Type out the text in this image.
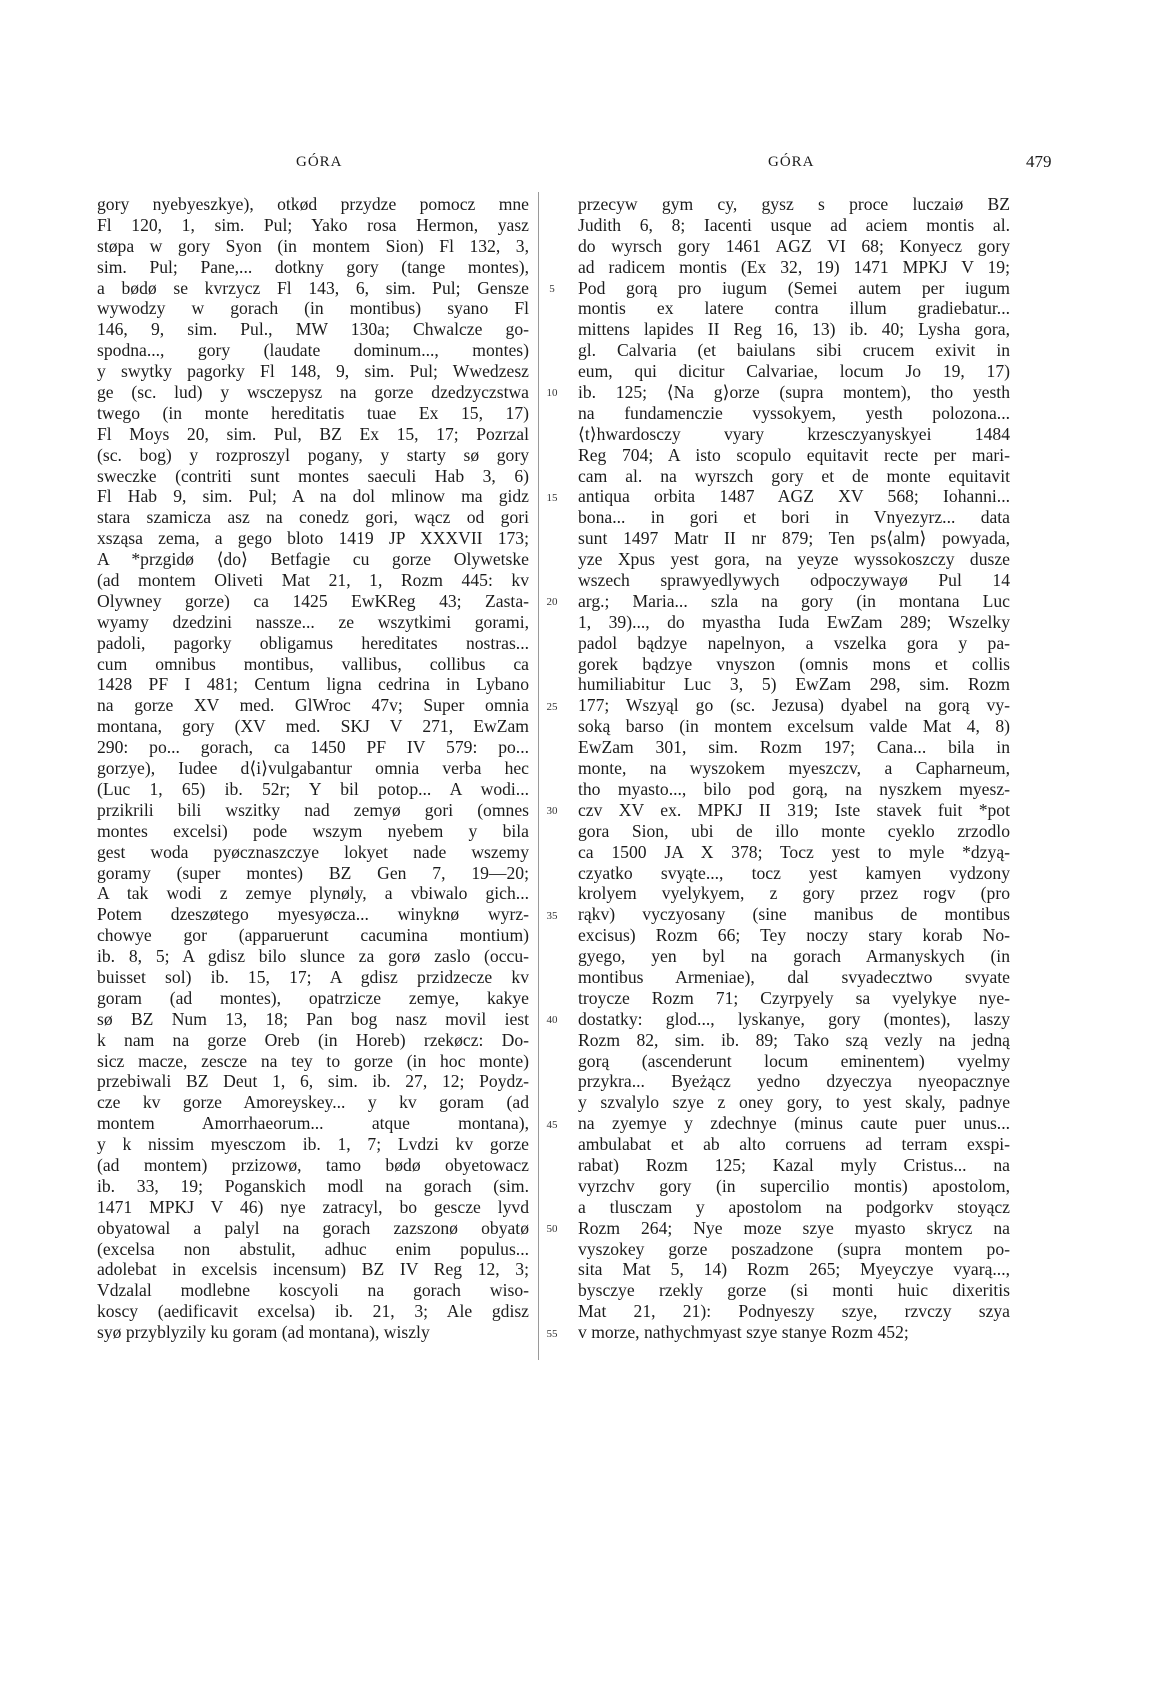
GÓRA	GÓRA	479
gory nyebyeszkye), otkød przydze pomocz mne
Fl 120, 1, sim. Pul; Yako rosa Hermon, yasz
støpa w gory Syon (in montem Sion) Fl 132, 3,
sim. Pul; Pane,... dotkny gory (tange montes),
a bødø se kvrzycz Fl 143, 6, sim. Pul; Gensze
wywodzy w gorach (in montibus) syano Fl
146, 9, sim. Pul., MW 130a; Chwalcze go-
spodna..., gory (laudate dominum..., montes)
y swytky pagorky Fl 148, 9, sim. Pul; Wwedzesz
ge (sc. lud) y wsczepysz na gorze dzedzyczstwa
twego (in monte hereditatis tuae Ex 15, 17)
Fl Moys 20, sim. Pul, BZ Ex 15, 17; Pozrzal
(sc. bog) y rozproszyl pogany, y starty sø gory
sweczke (contriti sunt montes saeculi Hab 3, 6)
Fl Hab 9, sim. Pul; A na dol mlinow ma gidz
stara szamicza asz na conedz gori, wącz od gori
xsząsa zema, a gego bloto 1419 JP XXXVII 173;
A *przgidø ⟨do⟩ Betfagie cu gorze Olywetske
(ad montem Oliveti Mat 21, 1, Rozm 445: kv
Olywney gorze) ca 1425 EwKReg 43; Zasta-
wyamy dzedzini nassze... ze wszytkimi gorami,
padoli, pagorky obligamus hereditates nostras...
cum omnibus montibus, vallibus, collibus ca
1428 PF I 481; Centum ligna cedrina in Lybano
na gorze XV med. GlWroc 47v; Super omnia
montana, gory (XV med. SKJ V 271, EwZam
290: po... gorach, ca 1450 PF IV 579: po...
gorzye), Iudee d⟨i⟩vulgabantur omnia verba hec
(Luc 1, 65) ib. 52r; Y bil potop... A wodi...
przikrili bili wszitky nad zemyø gori (omnes
montes excelsi) pode wszym nyebem y bila
gest woda pyøcznaszczye lokyet nade wszemy
goramy (super montes) BZ Gen 7, 19—20;
A tak wodi z zemye plynøly, a vbiwalo gich...
Potem dzeszøtego myesyøcza... winyknø wyrz-
chowye gor (apparuerunt cacumina montium)
ib. 8, 5; A gdisz bilo slunce za gorø zaslo (occu-
buisset sol) ib. 15, 17; A gdisz przidzecze kv
goram (ad montes), opatrzicze zemye, kakye
sø BZ Num 13, 18; Pan bog nasz movil iest
k nam na gorze Oreb (in Horeb) rzekøcz: Do-
sicz macze, zescze na tey to gorze (in hoc monte)
przebiwali BZ Deut 1, 6, sim. ib. 27, 12; Poydz-
cze kv gorze Amoreyskey... y kv goram (ad
montem Amorrhaeorum... atque montana),
y k nissim myesczom ib. 1, 7; Lvdzi kv gorze
(ad montem) przizowø, tamo bødø obyetowacz
ib. 33, 19; Poganskich modl na gorach (sim.
1471 MPKJ V 46) nye zatracyl, bo gescze lyvd
obyatowal a palyl na gorach zazszonø obyatø
(excelsa non abstulit, adhuc enim populus...
adolebat in excelsis incensum) BZ IV Reg 12, 3;
Vdzalal modlebne koscyoli na gorach wiso-
koscy (aedificavit excelsa) ib. 21, 3; Ale gdisz
syø przyblyzily ku goram (ad montana), wiszly
5
10
15
20
25
30
35
40
45
50
55
przecyw gym cy, gysz s proce luczaiø BZ
Judith 6, 8; Iacenti usque ad aciem montis al.
do wyrsch gory 1461 AGZ VI 68; Konyecz gory
ad radicem montis (Ex 32, 19) 1471 MPKJ V 19;
Pod gorą pro iugum (Semei autem per iugum
montis ex latere contra illum gradiebatur...
mittens lapides II Reg 16, 13) ib. 40; Lysha gora,
gl. Calvaria (et baiulans sibi crucem exivit in
eum, qui dicitur Calvariae, locum Jo 19, 17)
ib. 125; ⟨Na g⟩orze (supra montem), tho yesth
na fundamenczie vyssokyem, yesth polozona...
⟨t⟩hwardosczy vyary krzesczyanyskyei 1484
Reg 704; A isto scopulo equitavit recte per mari-
cam al. na wyrszch gory et de monte equitavit
antiqua orbita 1487 AGZ XV 568; Iohanni...
bona... in gori et bori in Vnyezyrz... data
sunt 1497 Matr II nr 879; Ten ps⟨alm⟩ powyada,
yze Xpus yest gora, na yeyze wyssokoszczy dusze
wszech sprawyedlywych odpoczywayø Pul 14
arg.; Maria... szla na gory (in montana Luc
1, 39)..., do myastha Iuda EwZam 289; Wszelky
padol bądzye napelnyon, a vszelka gora y pa-
gorek bądzye vnyszon (omnis mons et collis
humiliabitur Luc 3, 5) EwZam 298, sim. Rozm
177; Wszyąl go (sc. Jezusa) dyabel na gorą vy-
soką barso (in montem excelsum valde Mat 4, 8)
EwZam 301, sim. Rozm 197; Cana... bila in
monte, na wyszokem myeszczv, a Capharneum,
tho myasto..., bilo pod gorą, na nyszkem myesz-
czv XV ex. MPKJ II 319; Iste stavek fuit *pot
gora Sion, ubi de illo monte cyeklo zrzodlo
ca 1500 JA X 378; Tocz yest to myle *dzyą-
czyatko svyąte..., tocz yest kamyen vydzony
krolyem vyelykyem, z gory przez rogv (pro
rąkv) vyczyosany (sine manibus de montibus
excisus) Rozm 66; Tey noczy stary korab No-
gyego, yen byl na gorach Armanyskych (in
montibus Armeniae), dal svyadecztwo svyate
troycze Rozm 71; Czyrpyely sa vyelykye nye-
dostatky: glod..., lyskanye, gory (montes), laszy
Rozm 82, sim. ib. 89; Tako szą vezly na jedną
gorą (ascenderunt locum eminentem) vyelmy
przykra... Byeżącz yedno dzyeczya nyeopacznye
y szvalylo szye z oney gory, to yest skaly, padnye
na zyemye y zdechnye (minus caute puer unus...
ambulabat et ab alto corruens ad terram exspi-
rabat) Rozm 125; Kazal myly Cristus... na
vyrzchv gory (in supercilio montis) apostolom,
a tlusczam y apostolom na podgorkv stoyącz
Rozm 264; Nye moze szye myasto skrycz na
vyszokey gorze poszadzone (supra montem po-
sita Mat 5, 14) Rozm 265; Myeyczye vyarą...,
bysczye rzekly gorze (si monti huic dixeritis
Mat 21, 21): Podnyeszy szye, rzvczy szya
v morze, nathychmyast szye stanye Rozm 452;
